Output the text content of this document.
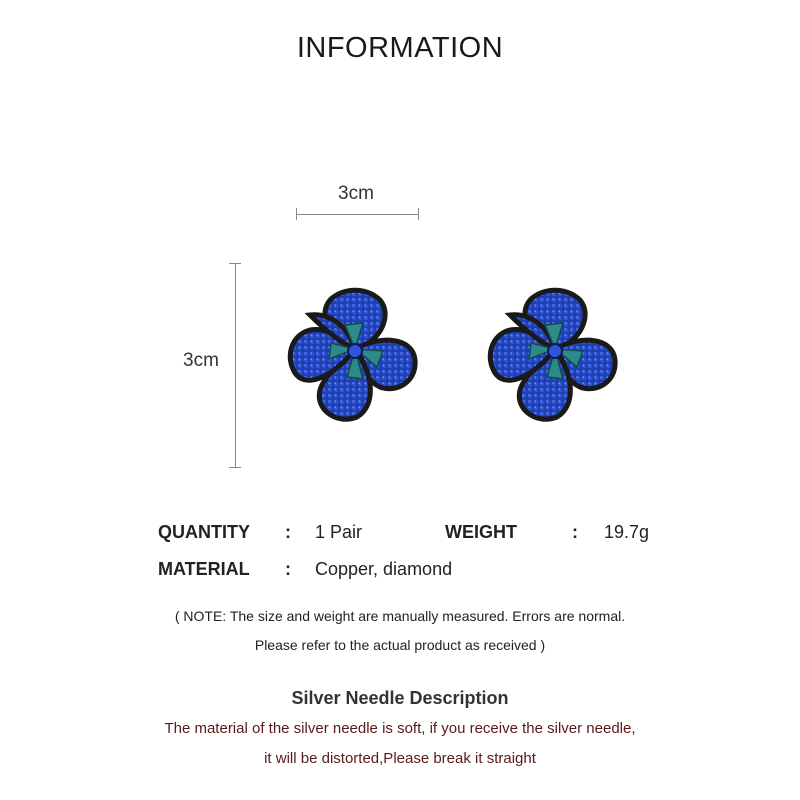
INFORMATION
3cm
3cm
QUANTITY : 1 Pair	WEIGHT	: 19.7g
MATERIAL : Copper, diamond
( NOTE: The size and weight are manually measured. Errors are normal.
Please refer to the actual product as received )
Silver Needle Description
The material of the silver needle is soft, if you receive the silver needle,
it will be distorted,Please break it straight
